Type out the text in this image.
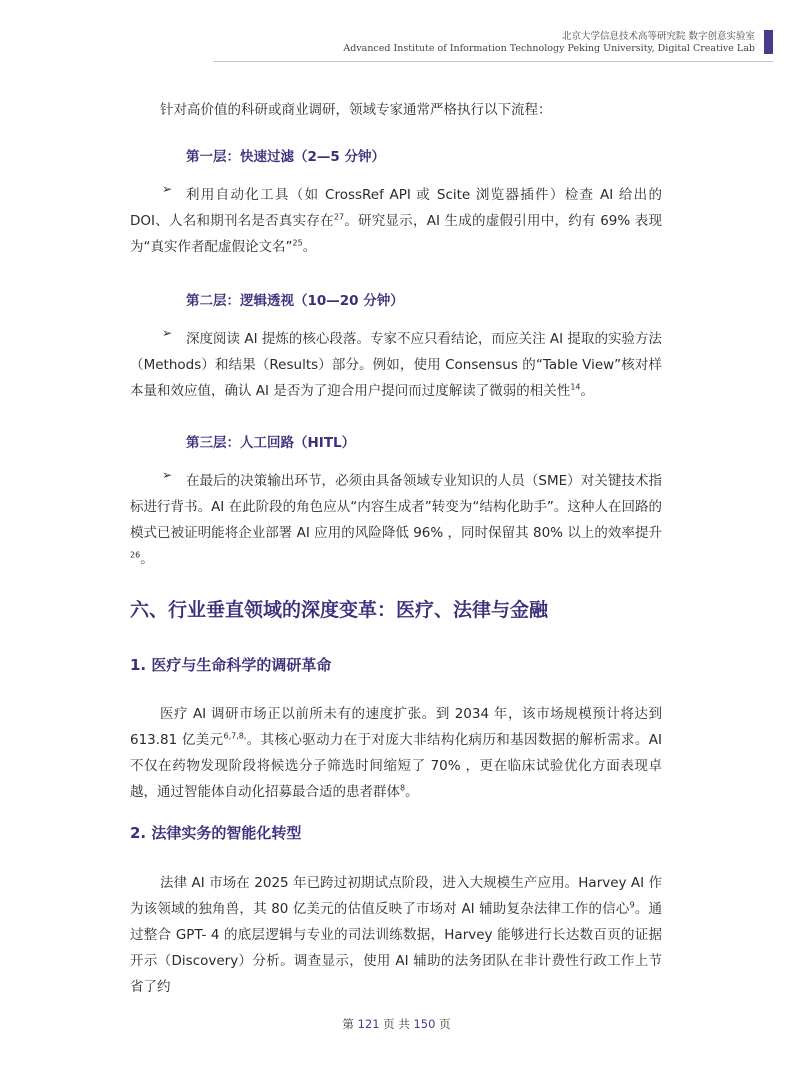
北京大学信息技术高等研究院 数字创意实验室
Advanced Institute of Information Technology Peking University, Digital Creative Lab
针对高价值的科研或商业调研，领域专家通常严格执行以下流程：
第一层：快速过滤（2—5 分钟）
➢	利用自动化工具（如 CrossRef API 或 Scite 浏览器插件）检查 AI 给出的 DOI、人名和期刊名是否真实存在$^{27}$。研究显示，AI 生成的虚假引用中，约有 69% 表现为“真实作者配虚假论文名”$^{25}$。

第二层：逻辑透视（10—20 分钟）
➢	深度阅读 AI 提炼的核心段落。专家不应只看结论，而应关注 AI 提取的实验方法（Methods）和结果（Results）部分。例如，使用 Consensus 的“Table View”核对样本量和效应值，确认 AI 是否为了迎合用户提问而过度解读了微弱的相关性$^{14}$。

第三层：人工回路（HITL）
➢	在最后的决策输出环节，必须由具备领域专业知识的人员（SME）对关键技术指标进行背书。AI 在此阶段的角色应从“内容生成者”转变为“结构化助手”。这种人在回路的模式已被证明能将企业部署 AI 应用的风险降低 96% ，同时保留其 80% 以上的效率提升$^{26}$。

六、行业垂直领域的深度变革：医疗、法律与金融
1. 医疗与生命科学的调研革命

医疗 AI 调研市场正以前所未有的速度扩张。到 2034 年，该市场规模预计将达到 613.81 亿美元$^{6,7,8,}$。其核心驱动力在于对庞大非结构化病历和基因数据的解析需求。AI 不仅在药物发现阶段将候选分子筛选时间缩短了 70% ，更在临床试验优化方面表现卓越，通过智能体自动化招募最合适的患者群体$^8$。

2. 法律实务的智能化转型

法律 AI 市场在 2025 年已跨过初期试点阶段，进入大规模生产应用。Harvey AI 作为该领域的独角兽，其 80 亿美元的估值反映了市场对 AI 辅助复杂法律工作的信心$^9$。通过整合 GPT- 4 的底层逻辑与专业的司法训练数据，Harvey 能够进行长达数百页的证据开示（Discovery）分析。调查显示，使用 AI 辅助的法务团队在非计费性行政工作上节省了约

第 121 页 共 150 页
